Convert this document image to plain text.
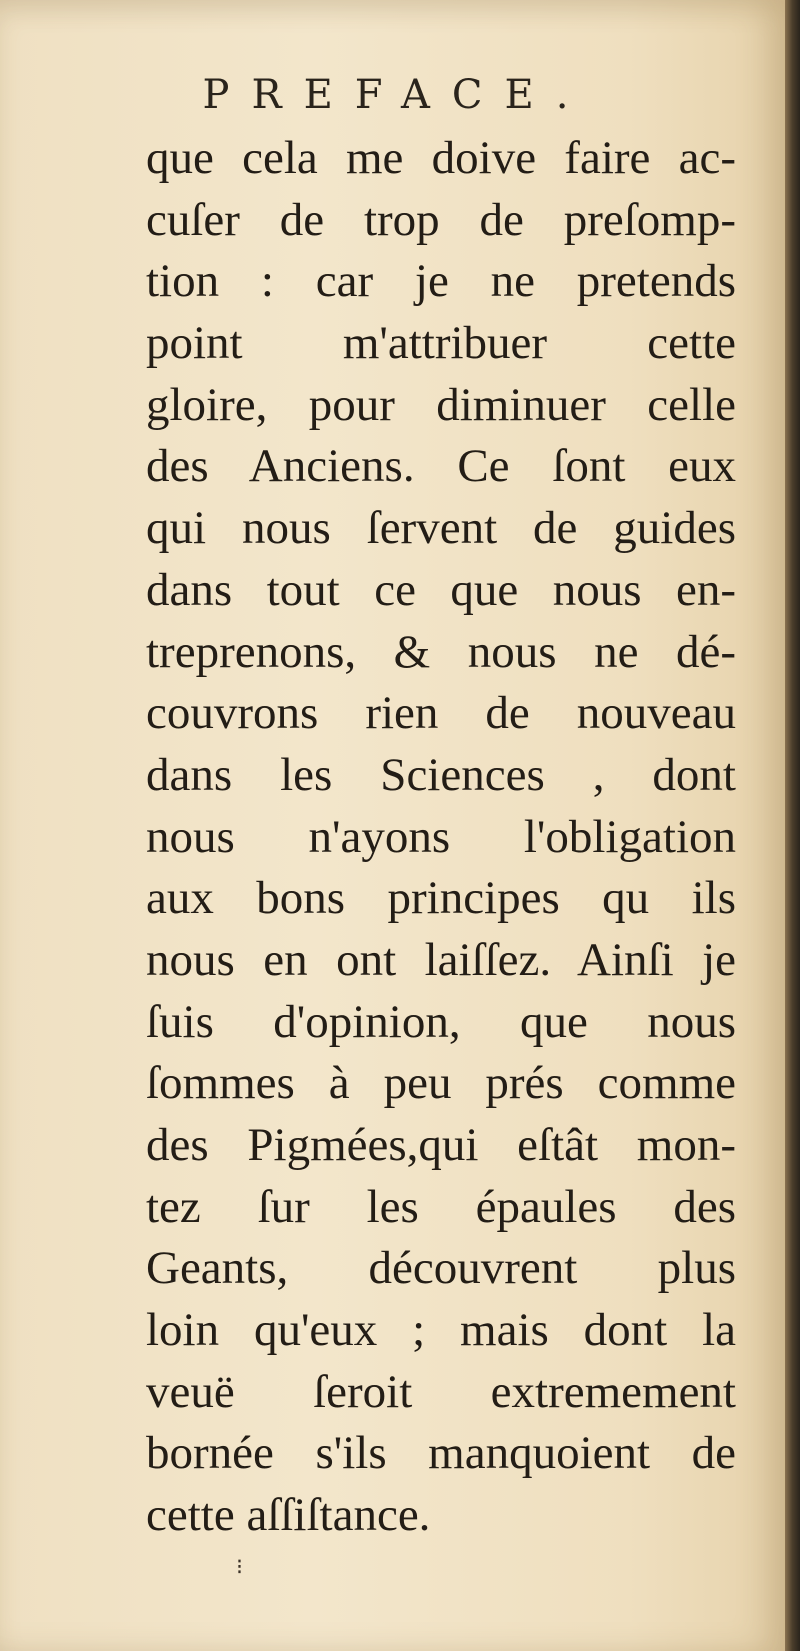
PREFACE.
que cela me doive faire ac-
cuſer de trop de preſomp-
tion : car je ne pretends
point m'attribuer cette
gloire, pour diminuer celle
des Anciens. Ce ſont eux
qui nous ſervent de guides
dans tout ce que nous en-
treprenons, & nous ne dé-
couvrons rien de nouveau
dans les Sciences , dont
nous n'ayons l'obligation
aux bons principes qu ils
nous en ont laiſſez. Ainſi je
ſuis d'opinion, que nous
ſommes à peu prés comme
des Pigmées,qui eſtât mon-
tez ſur les épaules des
Geants, découvrent plus
loin qu'eux ; mais dont la
veuë ſeroit extremement
bornée s'ils manquoient de
cette aſſiſtance.
⁝
